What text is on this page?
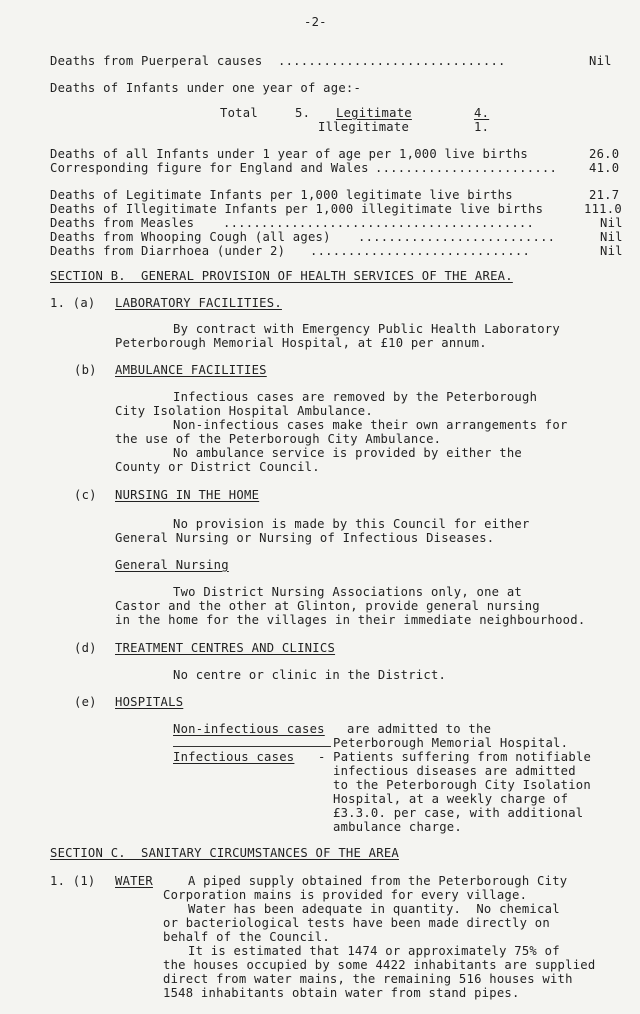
-2-
Deaths from Puerperal causes ..............................	Nil
Deaths of Infants under one year of age:-
Total	5. Legitimate	4.
Illegitimate	1.
Deaths of all Infants under 1 year of age per 1,000 live births	26.0
Corresponding figure for England and Wales ........................	41.0
Deaths of Legitimate Infants per 1,000 legitimate live births	21.7
Deaths of Illegitimate Infants per 1,000 illegitimate live births	111.0
Deaths from Measles .........................................	Nil
Deaths from Whooping Cough (all ages) ..........................	Nil
Deaths from Diarrhoea (under 2) .............................	Nil
SECTION B.  GENERAL PROVISION OF HEALTH SERVICES OF THE AREA.
1. (a) LABORATORY FACILITIES.
By contract with Emergency Public Health Laboratory
Peterborough Memorial Hospital, at £10 per annum.
(b) AMBULANCE FACILITIES
Infectious cases are removed by the Peterborough
City Isolation Hospital Ambulance.
Non-infectious cases make their own arrangements for
the use of the Peterborough City Ambulance.
No ambulance service is provided by either the
County or District Council.
(c) NURSING IN THE HOME
No provision is made by this Council for either
General Nursing or Nursing of Infectious Diseases.
General Nursing
Two District Nursing Associations only, one at
Castor and the other at Glinton, provide general nursing
in the home for the villages in their immediate neighbourhood.
(d) TREATMENT CENTRES AND CLINICS
No centre or clinic in the District.
(e) HOSPITALS
Non-infectious cases are admitted to the
Peterborough Memorial Hospital.
Infectious cases - Patients suffering from notifiable
infectious diseases are admitted
to the Peterborough City Isolation
Hospital, at a weekly charge of
£3.3.0. per case, with additional
ambulance charge.
SECTION C.  SANITARY CIRCUMSTANCES OF THE AREA
1. (1) WATER	A piped supply obtained from the Peterborough City
Corporation mains is provided for every village.
Water has been adequate in quantity.  No chemical
or bacteriological tests have been made directly on
behalf of the Council.
It is estimated that 1474 or approximately 75% of
the houses occupied by some 4422 inhabitants are supplied
direct from water mains, the remaining 516 houses with
1548 inhabitants obtain water from stand pipes.
